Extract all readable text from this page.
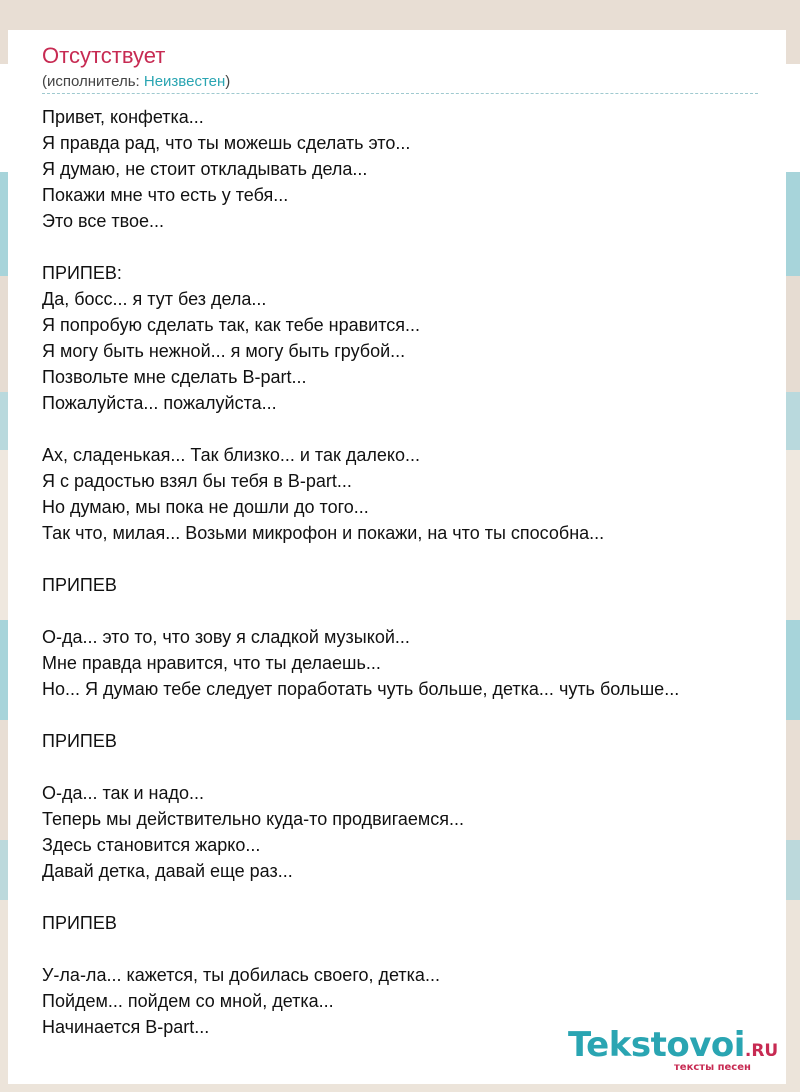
Отсутствует
(исполнитель: Неизвестен)
Привет, конфетка...
Я правда рад, что ты можешь сделать это...
Я думаю, не стоит откладывать дела...
Покажи мне что есть у тебя...
Это все твое...
ПРИПЕВ:
Да, босс... я тут без дела...
Я попробую сделать так, как тебе нравится...
Я могу быть нежной... я могу быть грубой...
Позвольте мне сделать B-part...
Пожалуйста... пожалуйста...
Ах, сладенькая... Так близко... и так далеко...
Я с радостью взял бы тебя в B-part...
Но думаю, мы пока не дошли до того...
Так что, милая... Возьми микрофон и покажи, на что ты способна...
ПРИПЕВ
О-да... это то, что зову я сладкой музыкой...
Мне правда нравится, что ты делаешь...
Но... Я думаю тебе следует поработать чуть больше, детка... чуть больше...
ПРИПЕВ
О-да... так и надо...
Теперь мы действительно куда-то продвигаемся...
Здесь становится жарко...
Давай детка, давай еще раз...
ПРИПЕВ
У-ла-ла... кажется, ты добилась своего, детка...
Пойдем... пойдем со мной, детка...
Начинается B-part...	Tekstovoi.RU
тексты песен
